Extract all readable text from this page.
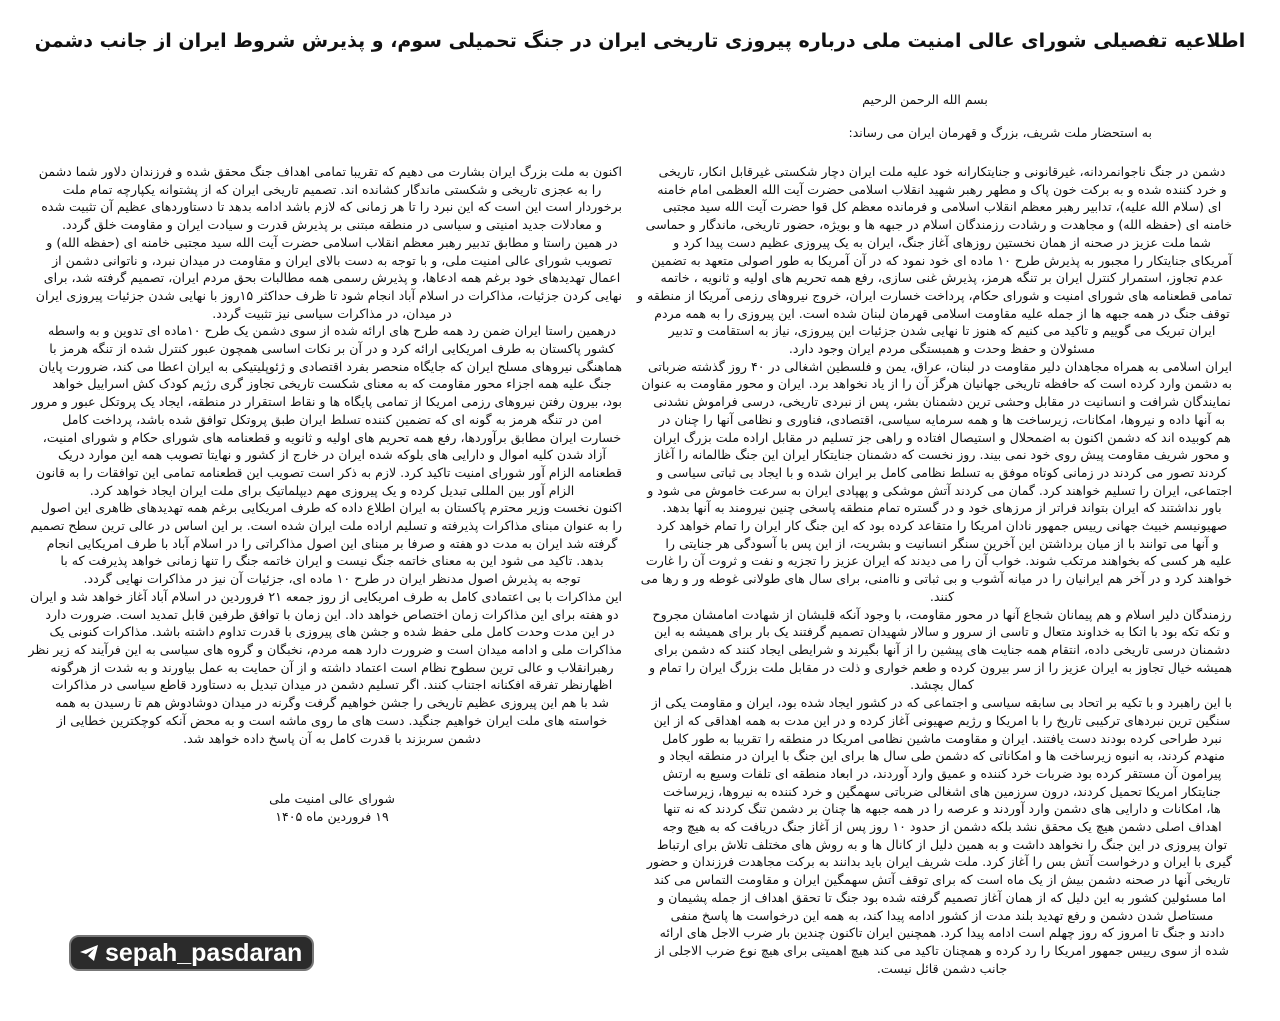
اطلاعیه تفصیلی شورای عالی امنیت ملی درباره پیروزی تاریخی ایران در جنگ تحمیلی سوم، و پذیرش شروط ایران از جانب دشمن
بسم الله الرحمن الرحیم
به استحضار ملت شریف، بزرگ و قهرمان ایران می رساند:
دشمن در جنگ ناجوانمردانه، غیرقانونی و جنایتکارانه خود علیه ملت ایران دچار شکستی غیرقابل انکار، تاریخی
و خرد کننده شده و به برکت خون پاک و مطهر رهبر شهید انقلاب اسلامی حضرت آیت الله العظمی امام خامنه
ای (سلام الله علیه)، تدابیر رهبر معظم انقلاب اسلامی و فرمانده معظم کل قوا حضرت آیت الله سید مجتبی
خامنه ای (حفظه الله) و مجاهدت و رشادت رزمندگان اسلام در جبهه ها و بویژه، حضور تاریخی، ماندگار و حماسی
شما ملت عزیز در صحنه از همان نخستین روزهای آغاز جنگ، ایران به یک پیروزی عظیم دست پیدا کرد و
آمریکای جنایتکار را مجبور به پذیرش طرح ۱۰ ماده ای خود نمود که در آن آمریکا به طور اصولی متعهد به تضمین
عدم تجاوز، استمرار کنترل ایران بر تنگه هرمز، پذیرش غنی سازی، رفع همه تحریم های اولیه و ثانویه ، خاتمه
تمامی قطعنامه های شورای امنیت و شورای حکام، پرداخت خسارت ایران، خروج نیروهای رزمی آمریکا از منطقه و
توقف جنگ در همه جبهه ها از جمله علیه مقاومت اسلامی قهرمان لبنان شده است. این پیروزی را به همه مردم
ایران تبریک می گوییم و تاکید می کنیم که هنوز تا نهایی شدن جزئیات این پیروزی، نیاز به استقامت و تدبیر
مسئولان و حفظ وحدت و همبستگی مردم ایران وجود دارد.
ایران اسلامی به همراه مجاهدان دلیر مقاومت در لبنان، عراق، یمن و فلسطین اشغالی در ۴۰ روز گذشته ضرباتی
به دشمن وارد کرده است که حافظه تاریخی جهانیان هرگز آن را از یاد نخواهد برد. ایران و محور مقاومت به عنوان
نمایندگان شرافت و انسانیت در مقابل وحشی ترین دشمنان بشر، پس از نبردی تاریخی، درسی فراموش نشدنی
به آنها داده و نیروها، امکانات، زیرساخت ها و همه سرمایه سیاسی، اقتصادی، فناوری و نظامی آنها را چنان در
هم کوبیده اند که دشمن اکنون به اضمحلال و استیصال افتاده و راهی جز تسلیم در مقابل اراده ملت بزرگ ایران
و محور شریف مقاومت پیش روی خود نمی بیند. روز نخست که دشمنان جنایتکار ایران این جنگ ظالمانه را آغاز
کردند تصور می کردند در زمانی کوتاه موفق به تسلط نظامی کامل بر ایران شده و با ایجاد بی ثباتی سیاسی و
اجتماعی، ایران را تسلیم خواهند کرد. گمان می کردند آتش موشکی و پهپادی ایران به سرعت خاموش می شود و
باور نداشتند که ایران بتواند فراتر از مرزهای خود و در گستره تمام منطقه پاسخی چنین نیرومند به آنها بدهد.
صهیونیسم خبیث جهانی رییس جمهور نادان امریکا را متقاعد کرده بود که این جنگ کار ایران را تمام خواهد کرد
و آنها می توانند با از میان برداشتن این آخرین سنگر انسانیت و بشریت، از این پس با آسودگی هر جنایتی را
علیه هر کسی که بخواهند مرتکب شوند. خواب آن را می دیدند که ایران عزیز را تجزیه و نفت و ثروت آن را غارت
خواهند کرد و در آخر هم ایرانیان را در میانه آشوب و بی ثباتی و ناامنی، برای سال های طولانی غوطه ور و رها می
کنند.
رزمندگان دلیر اسلام و هم پیمانان شجاع آنها در محور مقاومت، با وجود آنکه قلبشان از شهادت امامشان مجروح
و تکه تکه بود با اتکا به خداوند متعال و تاسی از سرور و سالار شهیدان تصمیم گرفتند یک بار برای همیشه به این
دشمنان درسی تاریخی داده، انتقام همه جنایت های پیشین را از آنها بگیرند و شرایطی ایجاد کنند که دشمن برای
همیشه خیال تجاوز به ایران عزیز را از سر بیرون کرده و طعم خواری و ذلت در مقابل ملت بزرگ ایران را تمام و
کمال بچشد.
با این راهبرد و با تکیه بر اتحاد بی سابقه سیاسی و اجتماعی که در کشور ایجاد شده بود، ایران و مقاومت یکی از
سنگین ترین نبردهای ترکیبی تاریخ را با امریکا و رژیم صهیونی آغاز کرده و در این مدت به همه اهداقی که از این
نبرد طراحی کرده بودند دست یافتند. ایران و مقاومت ماشین نظامی امریکا در منطقه را تقریبا به طور کامل
منهدم کردند، به انبوه زیرساخت ها و امکاناتی که دشمن طی سال ها برای این جنگ با ایران در منطقه ایجاد و
پیرامون آن مستقر کرده بود ضربات خرد کننده و عمیق وارد آوردند، در ابعاد منطقه ای تلفات وسیع به ارتش
جنایتکار امریکا تحمیل کردند، درون سرزمین های اشغالی ضرباتی سهمگین و خرد کننده به نیروها، زیرساخت
ها، امکانات و دارایی های دشمن وارد آوردند و عرصه را در همه جبهه ها چنان بر دشمن تنگ کردند که نه تنها
اهداف اصلی دشمن هیچ یک محقق نشد بلکه دشمن از حدود ۱۰ روز پس از آغاز جنگ دریافت که به هیچ وجه
توان پیروزی در این جنگ را نخواهد داشت و به همین دلیل از کانال ها و به روش های مختلف تلاش برای ارتباط
گیری با ایران و درخواست آتش بس را آغاز کرد. ملت شریف ایران باید بدانند به برکت مجاهدت فرزندان و حضور
تاریخی آنها در صحنه دشمن بیش از یک ماه است که برای توقف آتش سهمگین ایران و مقاومت التماس می کند
اما مسئولین کشور به این دلیل که از همان آغاز تصمیم گرفته شده بود جنگ تا تحقق اهداف از جمله پشیمان و
مستاصل شدن دشمن و رفع تهدید بلند مدت از کشور ادامه پیدا کند، به همه این درخواست ها پاسخ منفی
دادند و جنگ تا امروز که روز چهلم است ادامه پیدا کرد. همچنین ایران تاکنون چندین بار ضرب الاجل های ارائه
شده از سوی رییس جمهور امریکا را رد کرده و همچنان تاکید می کند هیچ اهمیتی برای هیچ نوع ضرب الاجلی از
جانب دشمن قائل نیست.
اکنون به ملت بزرگ ایران بشارت می دهیم که تقریبا تمامی اهداف جنگ محقق شده و فرزندان دلاور شما دشمن
را به عجزی تاریخی و شکستی ماندگار کشانده اند. تصمیم تاریخی ایران که از پشتوانه یکپارچه تمام ملت
برخوردار است این است که این نبرد را تا هر زمانی که لازم باشد ادامه بدهد تا دستاوردهای عظیم آن تثبیت شده
و معادلات جدید امنیتی و سیاسی در منطقه مبتنی بر پذیرش قدرت و سیادت ایران و مقاومت خلق گردد.
در همین راستا و مطابق تدبیر رهبر معظم انقلاب اسلامی حضرت آیت الله سید مجتبی خامنه ای (حفظه الله) و
تصویب شورای عالی امنیت ملی، و با توجه به دست بالای ایران و مقاومت در میدان نبرد، و ناتوانی دشمن از
اعمال تهدیدهای خود برغم همه ادعاها، و پذیرش رسمی همه مطالبات بحق مردم ایران، تصمیم گرفته شد، برای
نهایی کردن جزئیات، مذاکرات در اسلام آباد انجام شود تا ظرف حداکثر ۱۵روز با نهایی شدن جزئیات پیروزی ایران
در میدان، در مذاکرات سیاسی نیز تثبیت گردد.
درهمین راستا ایران ضمن رد همه طرح های ارائه شده از سوی دشمن یک طرح ۱۰ماده ای تدوین و به واسطه
کشور پاکستان به طرف امریکایی ارائه کرد و در آن بر نکات اساسی همچون عبور کنترل شده از تنگه هرمز با
هماهنگی نیروهای مسلح ایران که جایگاه منحصر بفرد اقتصادی و ژئوپلیتیکی به ایران اعطا می کند، ضرورت پایان
جنگ علیه همه اجزاء محور مقاومت که به معنای شکست تاریخی تجاوز گری رژیم کودک کش اسراییل خواهد
بود، بیرون رفتن نیروهای رزمی امریکا از تمامی پایگاه ها و نقاط استقرار در منطقه، ایجاد یک پروتکل عبور و مرور
امن در تنگه هرمز به گونه ای که تضمین کننده تسلط ایران طبق پروتکل توافق شده باشد، پرداخت کامل
خسارت ایران مطابق برآوردها، رفع همه تحریم های اولیه و ثانویه و قطعنامه های شورای حکام و شورای امنیت،
آزاد شدن کلیه اموال و دارایی های بلوکه شده ایران در خارج از کشور و نهایتا تصویب همه این موارد دریک
قطعنامه الزام آور شورای امنیت تاکید کرد. لازم به ذکر است تصویب این قطعنامه تمامی این توافقات را به قانون
الزام آور بین المللی تبدیل کرده و یک پیروزی مهم دیپلماتیک برای ملت ایران ایجاد خواهد کرد.
اکنون نخست وزیر محترم پاکستان به ایران اطلاع داده که طرف امریکایی برغم همه تهدیدهای ظاهری این اصول
را به عنوان مبنای مذاکرات پذیرفته و تسلیم اراده ملت ایران شده است. بر این اساس در عالی ترین سطح تصمیم
گرفته شد ایران به مدت دو هفته و صرفا بر مبنای این اصول مذاکراتی را در اسلام آباد با طرف امریکایی انجام
بدهد. تاکید می شود این به معنای خاتمه جنگ نیست و ایران خاتمه جنگ را تنها زمانی خواهد پذیرفت که با
توجه به پذیرش اصول مدنظر ایران در طرح ۱۰ ماده ای، جزئیات آن نیز در مذاکرات نهایی گردد.
این مذاکرات با بی اعتمادی کامل به طرف امریکایی از روز جمعه ۲۱ فروردین در اسلام آباد آغاز خواهد شد و ایران
دو هفته برای این مذاکرات زمان اختصاص خواهد داد. این زمان با توافق طرفین قابل تمدید است. ضرورت دارد
در این مدت وحدت کامل ملی حفظ شده و جشن های پیروزی با قدرت تداوم داشته باشد. مذاکرات کنونی یک
مذاکرات ملی و ادامه میدان است و ضرورت دارد همه مردم، نخبگان و گروه های سیاسی به این فرآیند که زیر نظر
رهبرانقلاب و عالی ترین سطوح نظام است اعتماد داشته و از آن حمایت به عمل بیاورند و به شدت از هرگونه
اظهارنظر تفرقه افکنانه اجتناب کنند. اگر تسلیم دشمن در میدان تبدیل به دستاورد قاطع سیاسی در مذاکرات
شد با هم این پیروزی عظیم تاریخی را جشن خواهیم گرفت وگرنه در میدان دوشادوش هم تا رسیدن به همه
خواسته های ملت ایران خواهیم جنگید. دست های ما روی ماشه است و به محض آنکه کوچکترین خطایی از
دشمن سربزند با قدرت کامل به آن پاسخ داده خواهد شد.
شورای عالی امنیت ملی
۱۹ فروردین ماه ۱۴۰۵
sepah_pasdaran
